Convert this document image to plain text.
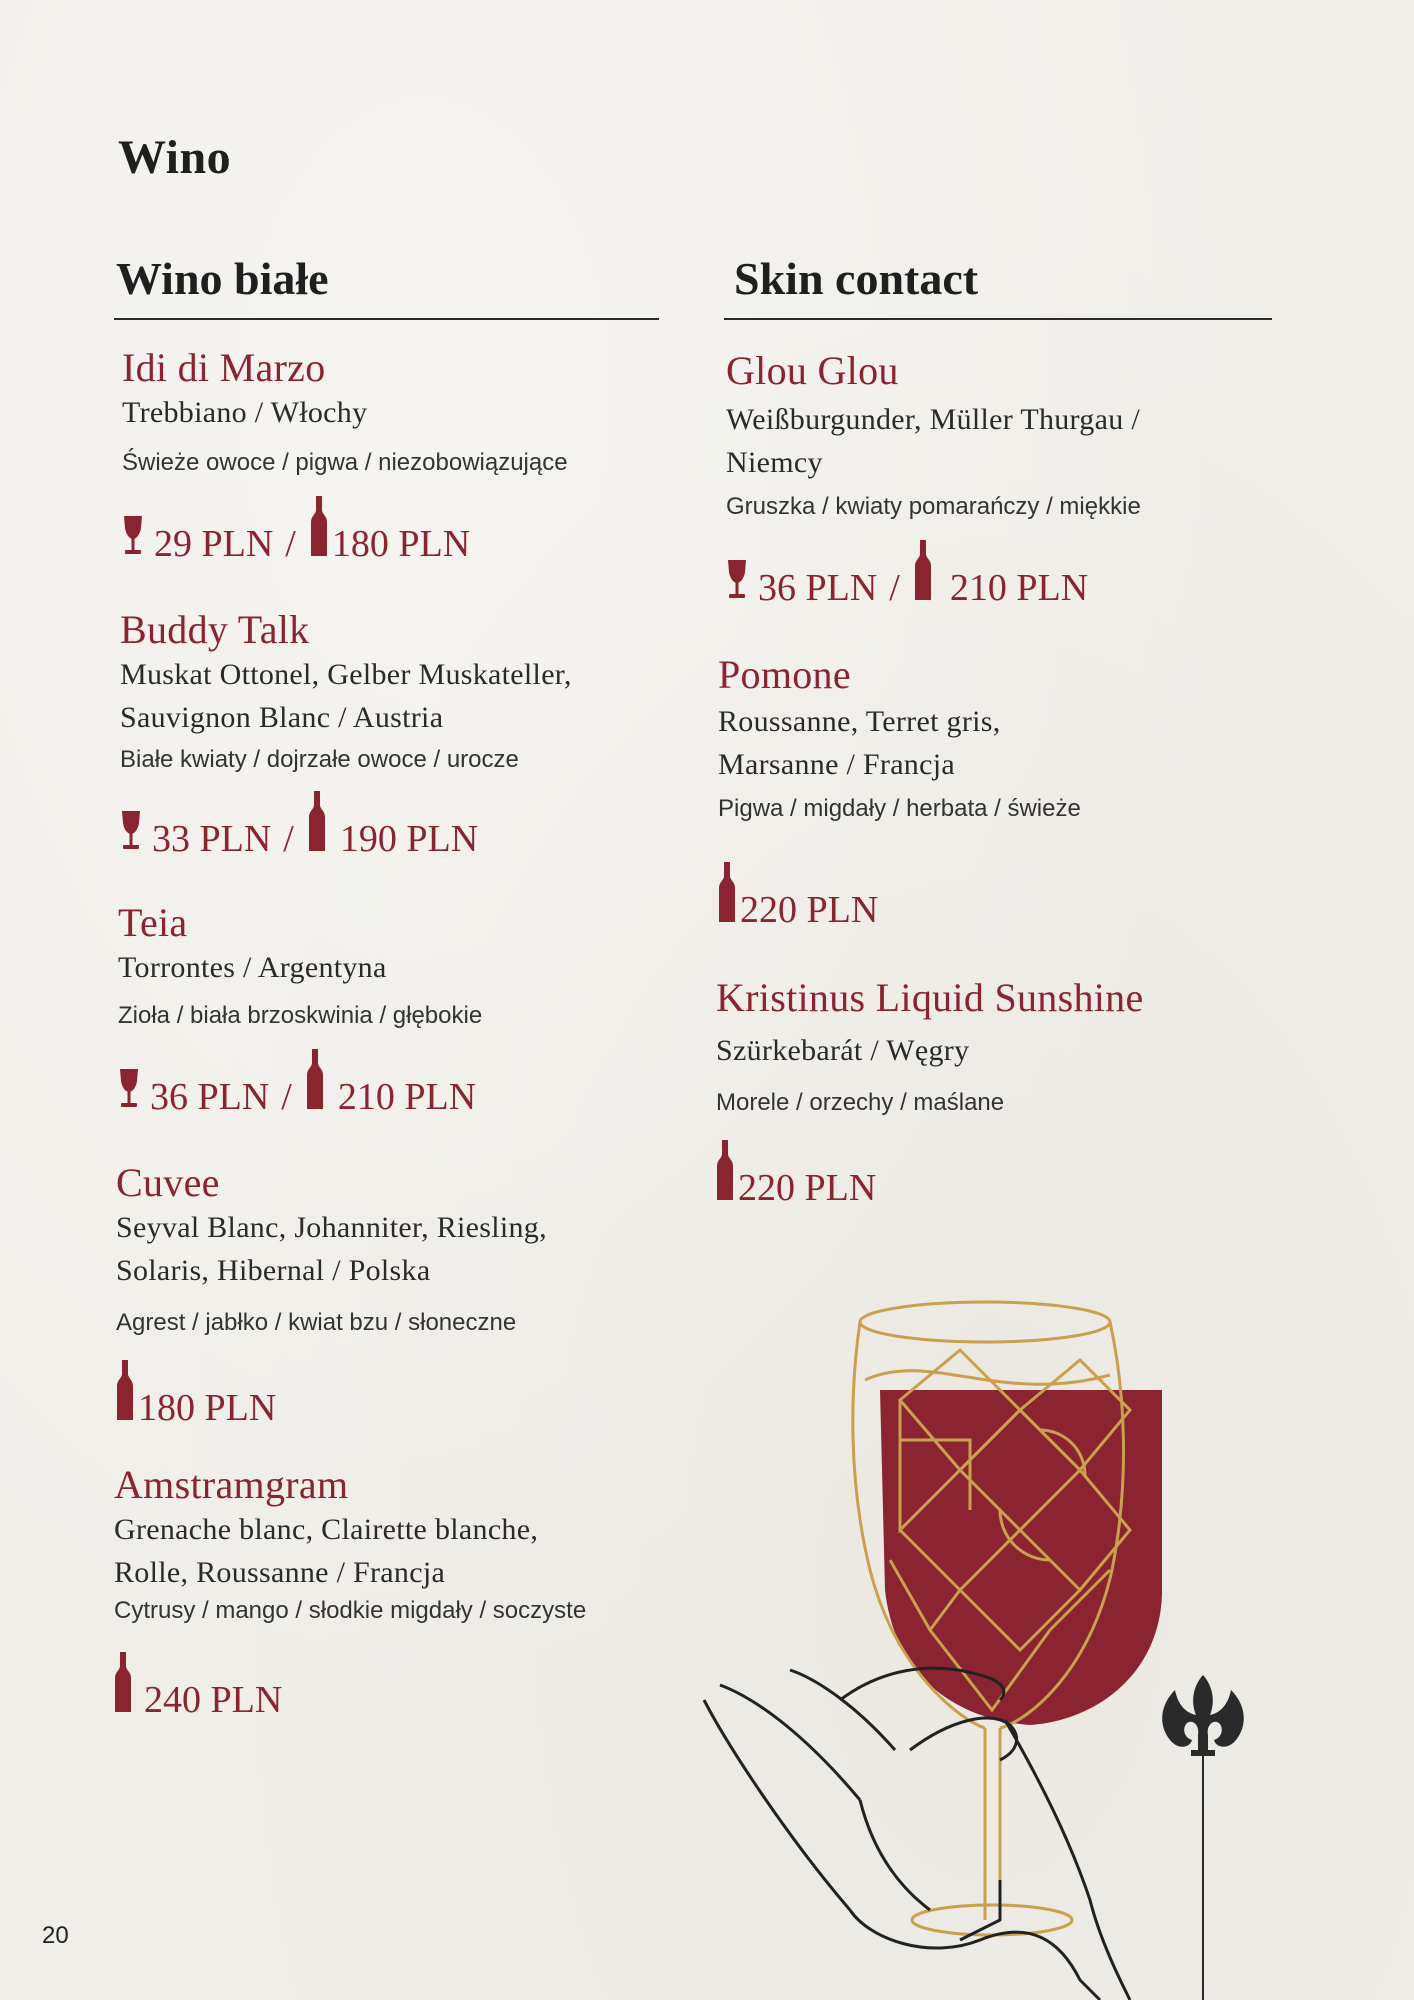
Wino
Wino białe
Idi di Marzo
Trebbiano / Włochy
Świeże owoce / pigwa / niezobowiązujące
29 PLN / 180 PLN
Buddy Talk
Muskat Ottonel, Gelber Muskateller,
Sauvignon Blanc / Austria
Białe kwiaty / dojrzałe owoce / urocze
33 PLN / 190 PLN
Teia
Torrontes / Argentyna
Zioła / biała brzoskwinia / głębokie
36 PLN / 210 PLN
Cuvee
Seyval Blanc, Johanniter, Riesling,
Solaris, Hibernal / Polska
Agrest / jabłko / kwiat bzu / słoneczne
180 PLN
Amstramgram
Grenache blanc, Clairette blanche,
Rolle, Roussanne / Francja
Cytrusy / mango / słodkie migdały / soczyste
240 PLN
Skin contact
Glou Glou
Weißburgunder, Müller Thurgau /
Niemcy
Gruszka / kwiaty pomarańczy / miękkie
36 PLN / 210 PLN
Pomone
Roussanne, Terret gris,
Marsanne / Francja
Pigwa / migdały / herbata / świeże
220 PLN
Kristinus Liquid Sunshine
Szürkebarát / Węgry
Morele / orzechy / maślane
220 PLN
20
